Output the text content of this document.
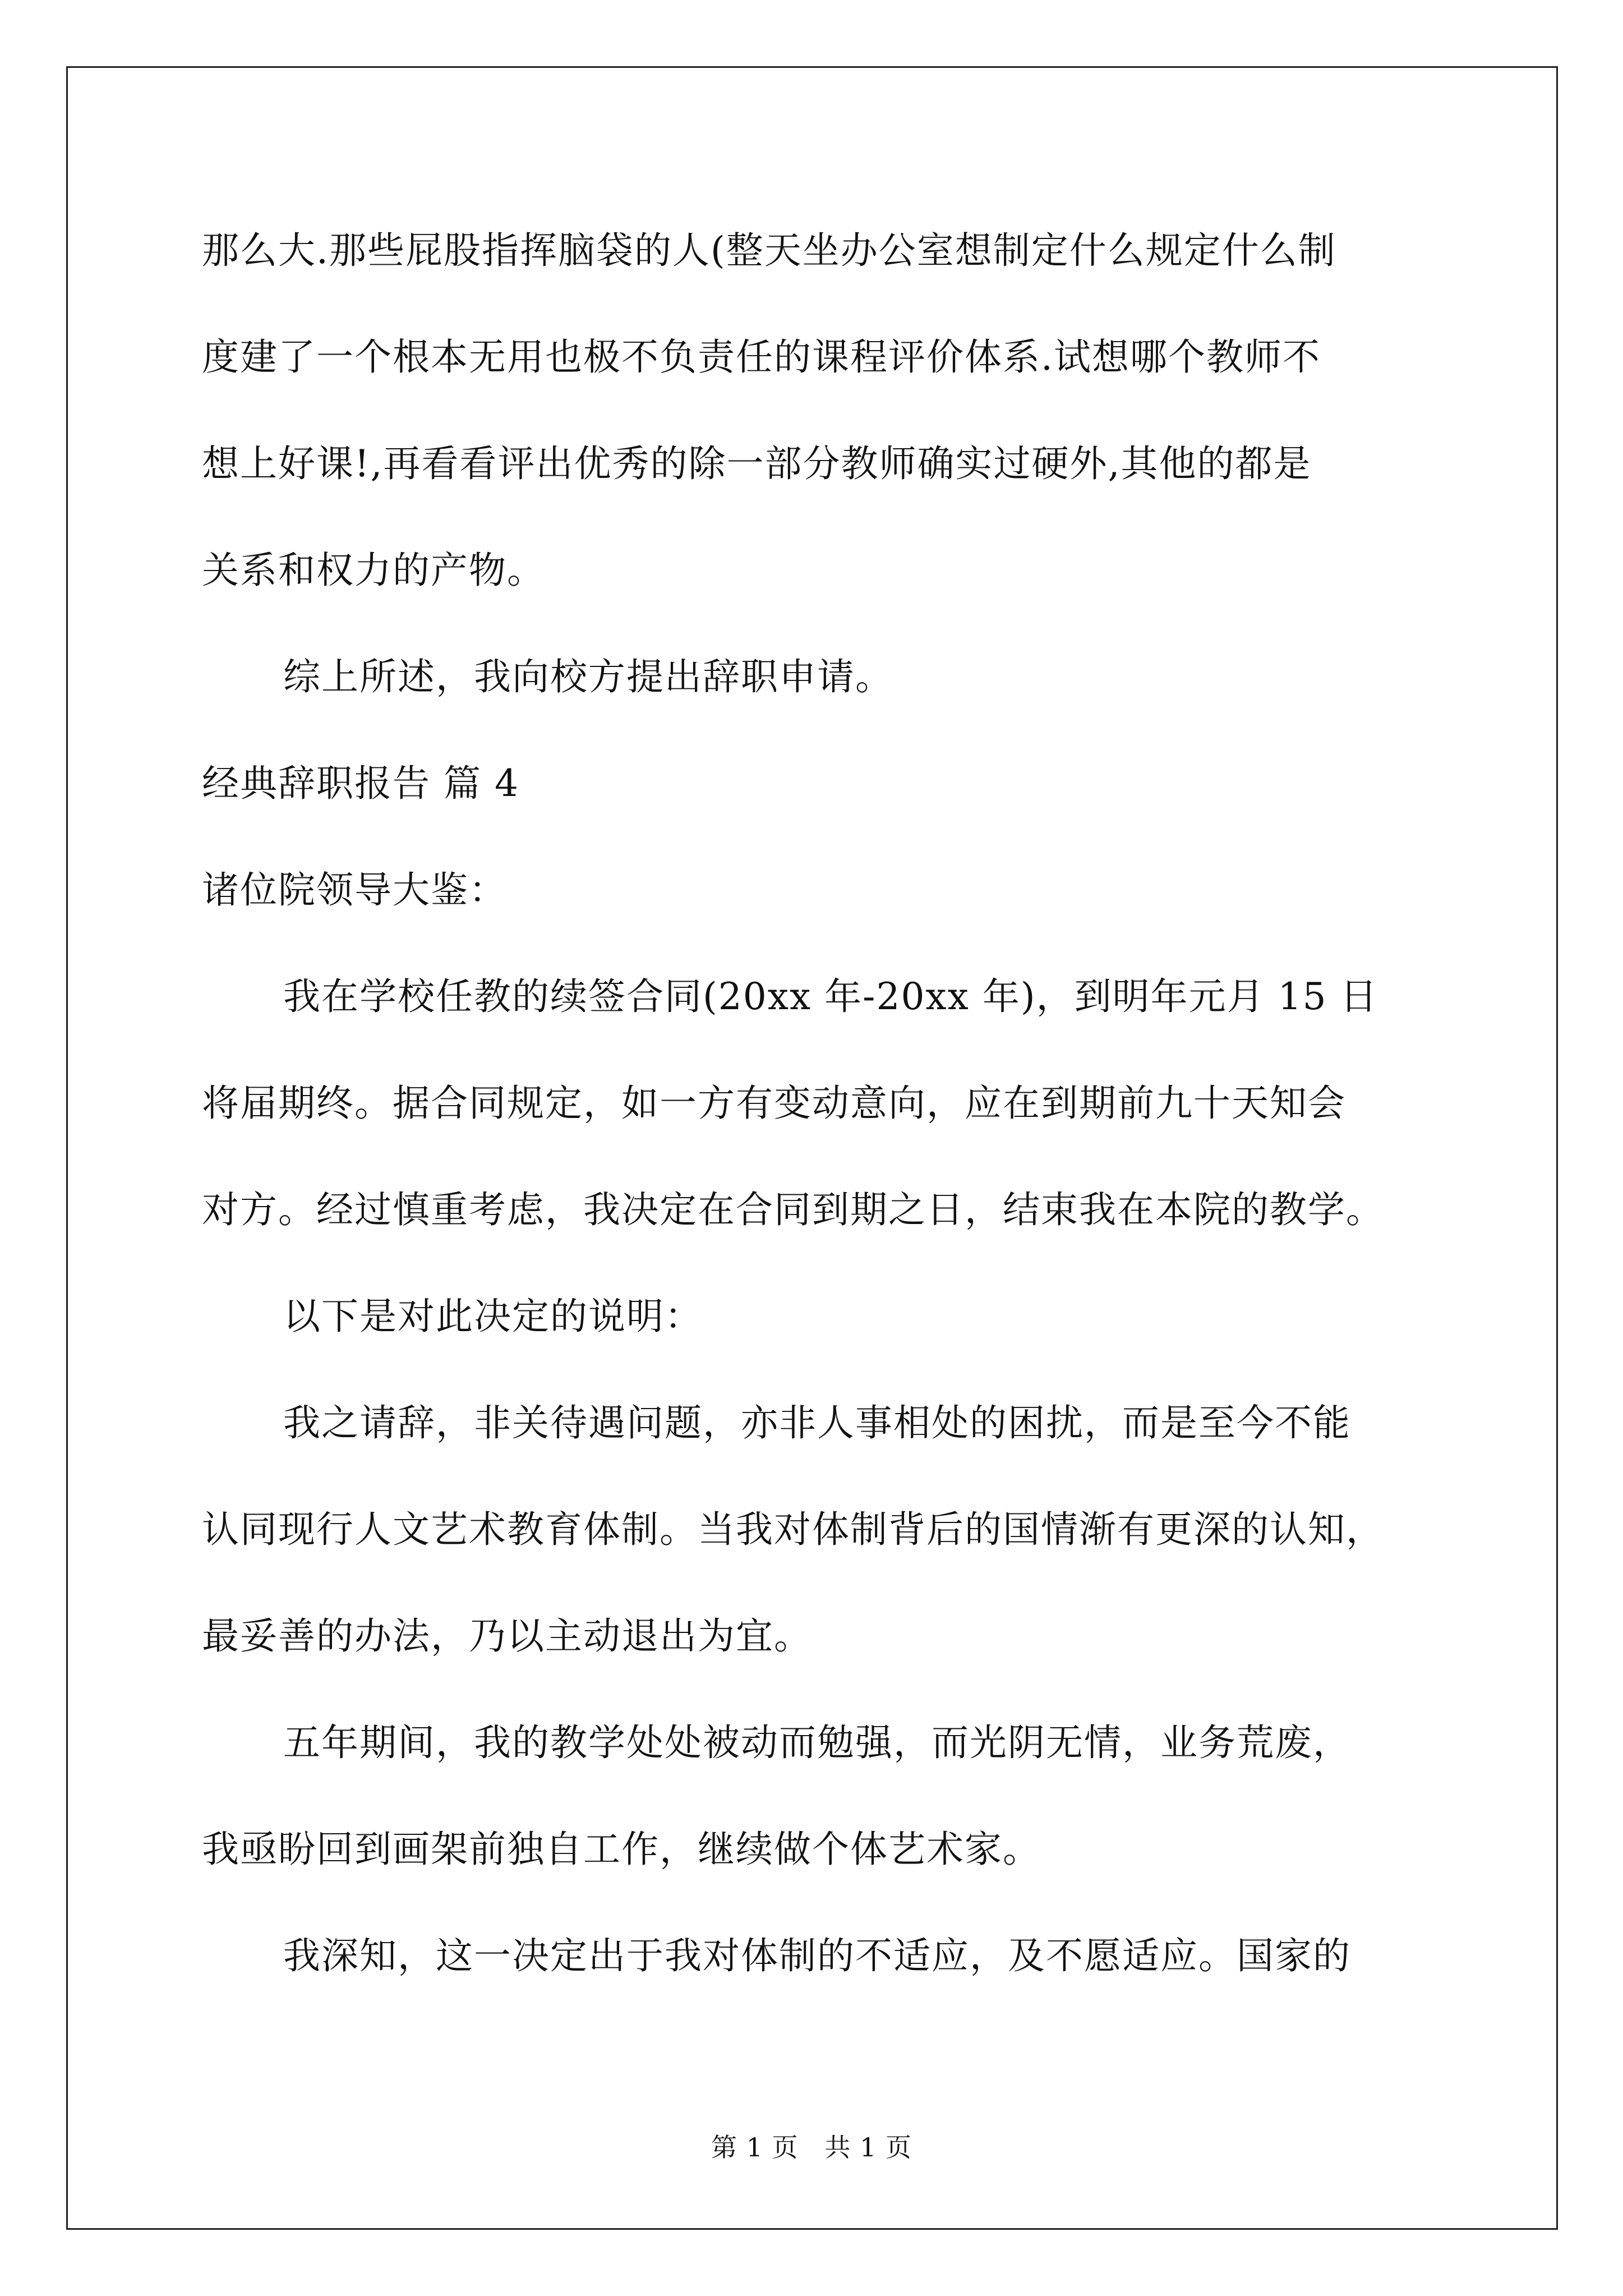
那么大.那些屁股指挥脑袋的人(整天坐办公室想制定什么规定什么制
度建了一个根本无用也极不负责任的课程评价体系.试想哪个教师不
想上好课!,再看看评出优秀的除一部分教师确实过硬外,其他的都是
关系和权力的产物。
综上所述，我向校方提出辞职申请。
经典辞职报告 篇 4
诸位院领导大鉴：
我在学校任教的续签合同(20xx 年-20xx 年)，到明年元月 15 日
将届期终。据合同规定，如一方有变动意向，应在到期前九十天知会
对方。经过慎重考虑，我决定在合同到期之日，结束我在本院的教学。
以下是对此决定的说明：
我之请辞，非关待遇问题，亦非人事相处的困扰，而是至今不能
认同现行人文艺术教育体制。当我对体制背后的国情渐有更深的认知，
最妥善的办法，乃以主动退出为宜。
五年期间，我的教学处处被动而勉强，而光阴无情，业务荒废，
我亟盼回到画架前独自工作，继续做个体艺术家。
我深知，这一决定出于我对体制的不适应，及不愿适应。国家的
第 1 页　共 1 页
